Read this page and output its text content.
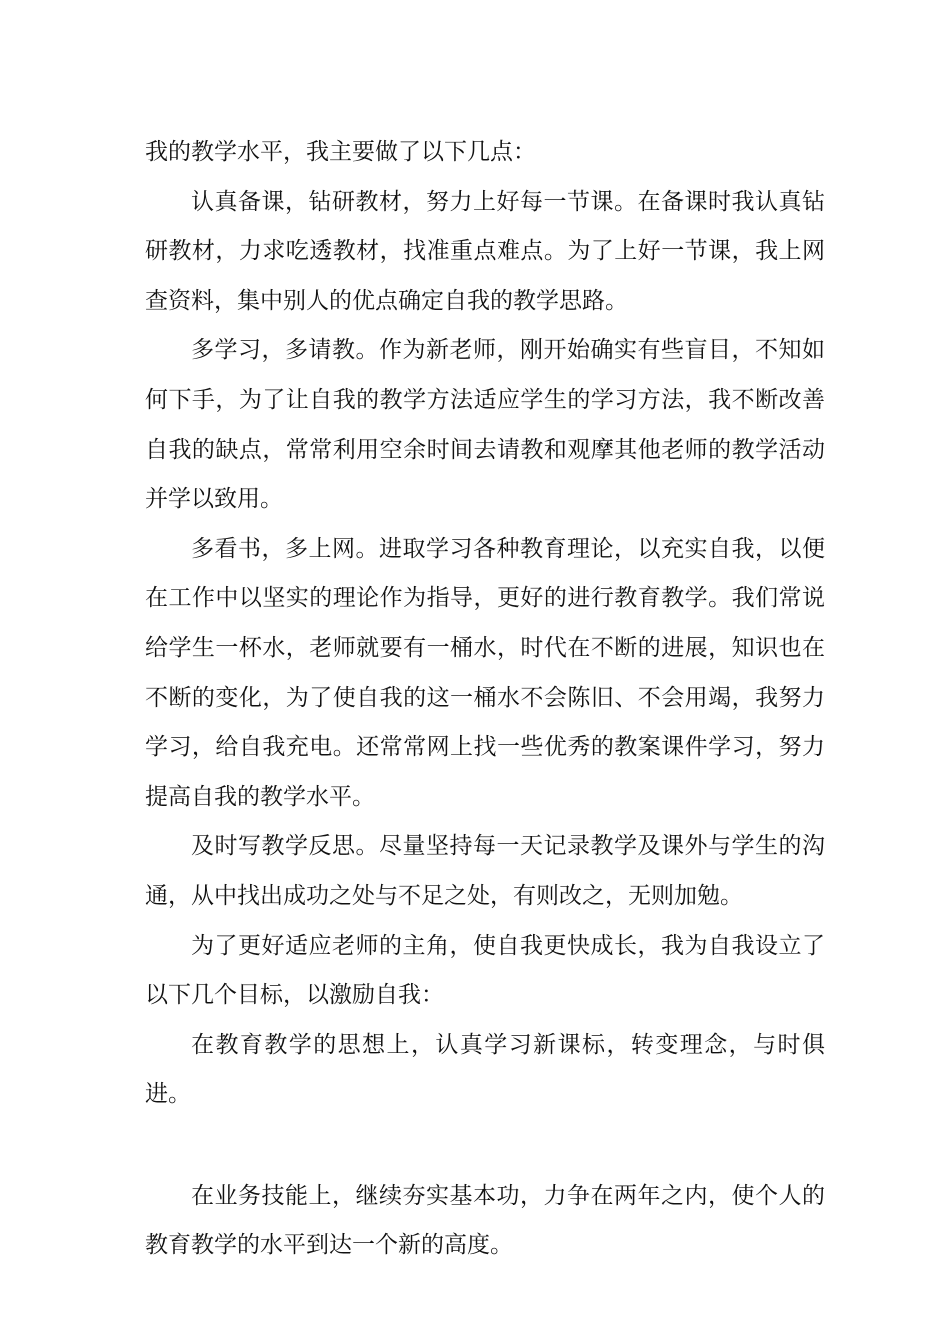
我的教学水平，我主要做了以下几点：

认真备课，钻研教材，努力上好每一节课。在备课时我认真钻研教材，力求吃透教材，找准重点难点。为了上好一节课，我上网查资料，集中别人的优点确定自我的教学思路。

多学习，多请教。作为新老师，刚开始确实有些盲目，不知如何下手，为了让自我的教学方法适应学生的学习方法，我不断改善自我的缺点，常常利用空余时间去请教和观摩其他老师的教学活动并学以致用。

多看书，多上网。进取学习各种教育理论，以充实自我，以便在工作中以坚实的理论作为指导，更好的进行教育教学。我们常说给学生一杯水，老师就要有一桶水，时代在不断的进展，知识也在不断的变化，为了使自我的这一桶水不会陈旧、不会用竭，我努力学习，给自我充电。还常常网上找一些优秀的教案课件学习，努力提高自我的教学水平。

及时写教学反思。尽量坚持每一天记录教学及课外与学生的沟通，从中找出成功之处与不足之处，有则改之，无则加勉。

为了更好适应老师的主角，使自我更快成长，我为自我设立了以下几个目标，以激励自我：

在教育教学的思想上，认真学习新课标，转变理念，与时俱进。

在业务技能上，继续夯实基本功，力争在两年之内，使个人的教育教学的水平到达一个新的高度。
